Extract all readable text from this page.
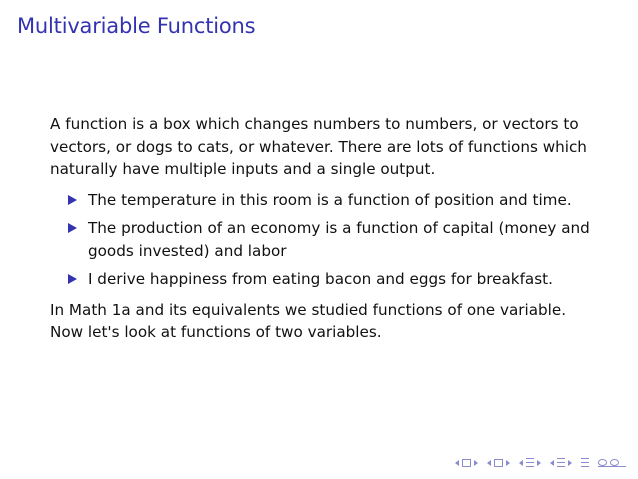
Multivariable Functions

A function is a box which changes numbers to numbers, or vectors to vectors, or dogs to cats, or whatever. There are lots of functions which naturally have multiple inputs and a single output.

The temperature in this room is a function of position and time.
The production of an economy is a function of capital (money and goods invested) and labor
I derive happiness from eating bacon and eggs for breakfast.

In Math 1a and its equivalents we studied functions of one variable. Now let's look at functions of two variables.
